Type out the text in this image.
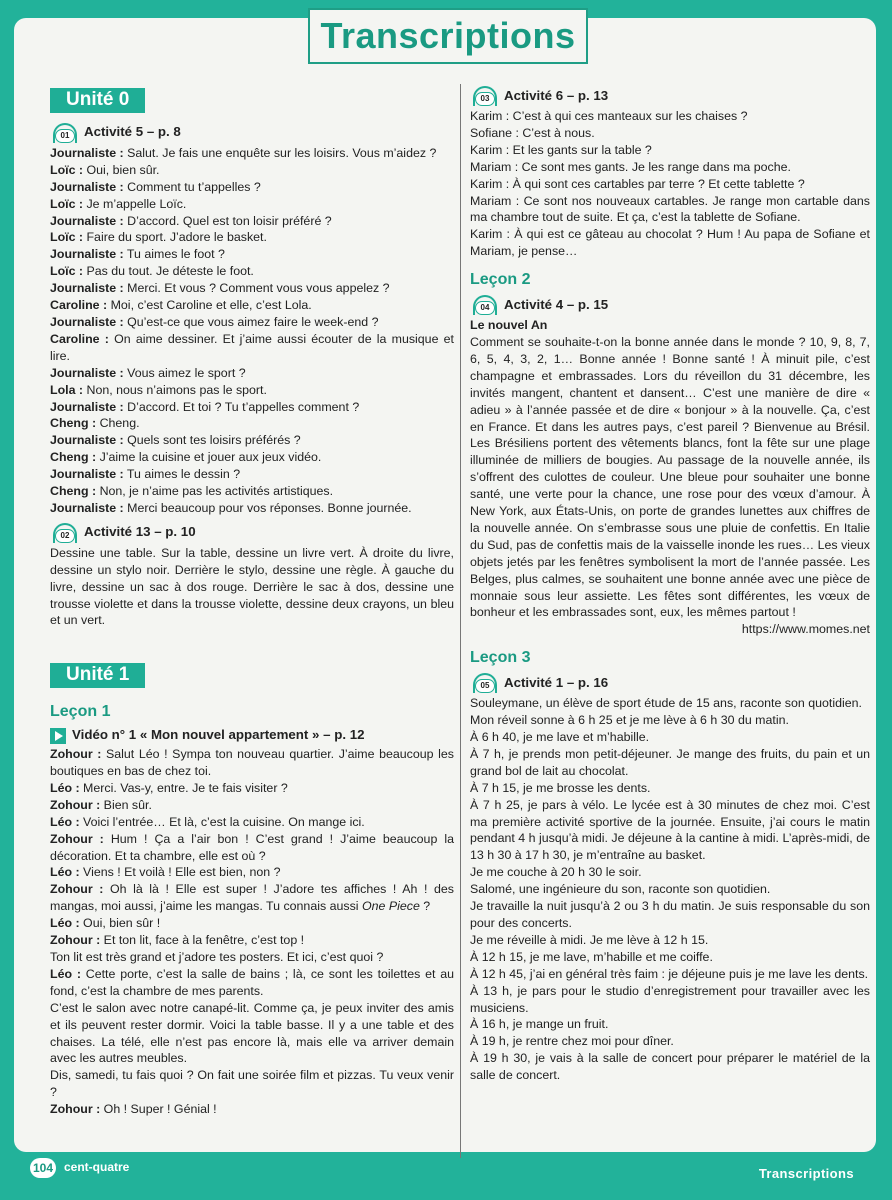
Unité 0
01	Activité 5 – p. 8

Journaliste : Salut. Je fais une enquête sur les loisirs. Vous m’aidez ?

Loïc : Oui, bien sûr.

Journaliste : Comment tu t’appelles ?

Loïc : Je m’appelle Loïc.

Journaliste : D’accord. Quel est ton loisir préféré ?

Loïc : Faire du sport. J’adore le basket.

Journaliste : Tu aimes le foot ?

Loïc : Pas du tout. Je déteste le foot.

Journaliste : Merci. Et vous ? Comment vous vous appelez ?

Caroline : Moi, c’est Caroline et elle, c’est Lola.

Journaliste : Qu’est-ce que vous aimez faire le week-end ?

Caroline : On aime dessiner. Et j’aime aussi écouter de la musique et lire.

Journaliste : Vous aimez le sport ?

Lola : Non, nous n’aimons pas le sport.

Journaliste : D’accord. Et toi ? Tu t’appelles comment ?

Cheng : Cheng.

Journaliste : Quels sont tes loisirs préférés ?

Cheng : J’aime la cuisine et jouer aux jeux vidéo.

Journaliste : Tu aimes le dessin ?

Cheng : Non, je n’aime pas les activités artistiques.

Journaliste : Merci beaucoup pour vos réponses. Bonne journée.

02	Activité 13 – p. 10

Dessine une table. Sur la table, dessine un livre vert. À droite du livre, dessine un stylo noir. Derrière le stylo, dessine une règle. À gauche du livre, dessine un sac à dos rouge. Derrière le sac à dos, dessine une trousse violette et dans la trousse violette, dessine deux crayons, un bleu et un vert.

Unité 1
Leçon 1
Vidéo n° 1 « Mon nouvel appartement » – p. 12

Zohour : Salut Léo ! Sympa ton nouveau quartier. J’aime beaucoup les boutiques en bas de chez toi.

Léo : Merci. Vas-y, entre. Je te fais visiter ?

Zohour : Bien sûr.

Léo : Voici l’entrée… Et là, c’est la cuisine. On mange ici.

Zohour : Hum ! Ça a l’air bon ! C’est grand ! J’aime beaucoup la décoration. Et ta chambre, elle est où ?

Léo : Viens ! Et voilà ! Elle est bien, non ?

Zohour : Oh là là ! Elle est super ! J’adore tes affiches ! Ah ! des mangas, moi aussi, j’aime les mangas. Tu connais aussi One Piece ?

Léo : Oui, bien sûr !

Zohour : Et ton lit, face à la fenêtre, c’est top !

Ton lit est très grand et j’adore tes posters. Et ici, c’est quoi ?

Léo : Cette porte, c’est la salle de bains ; là, ce sont les toilettes et au fond, c’est la chambre de mes parents.

C’est le salon avec notre canapé-lit. Comme ça, je peux inviter des amis et ils peuvent rester dormir. Voici la table basse. Il y a une table et des chaises. La télé, elle n’est pas encore là, mais elle va arriver demain avec les autres meubles.

Dis, samedi, tu fais quoi ? On fait une soirée film et pizzas. Tu veux venir ?

Zohour : Oh ! Super ! Génial !

03	Activité 6 – p. 13

Karim : C’est à qui ces manteaux sur les chaises ?

Sofiane : C’est à nous.

Karim : Et les gants sur la table ?

Mariam : Ce sont mes gants. Je les range dans ma poche.

Karim : À qui sont ces cartables par terre ? Et cette tablette ?

Mariam : Ce sont nos nouveaux cartables. Je range mon cartable dans ma chambre tout de suite. Et ça, c’est la tablette de Sofiane.

Karim : À qui est ce gâteau au chocolat ? Hum ! Au papa de Sofiane et Mariam, je pense…

Leçon 2
04	Activité 4 – p. 15
Le nouvel An

Comment se souhaite-t-on la bonne année dans le monde ? 10, 9, 8, 7, 6, 5, 4, 3, 2, 1… Bonne année ! Bonne santé ! À minuit pile, c’est champagne et embrassades. Lors du réveillon du 31 décembre, les invités mangent, chantent et dansent… C’est une manière de dire « adieu » à l’année passée et de dire « bonjour » à la nouvelle. Ça, c’est en France. Et dans les autres pays, c’est pareil ? Bienvenue au Brésil. Les Brésiliens portent des vêtements blancs, font la fête sur une plage illuminée de milliers de bougies. Au passage de la nouvelle année, ils s’offrent des culottes de couleur. Une bleue pour souhaiter une bonne santé, une verte pour la chance, une rose pour des vœux d’amour. À New York, aux États-Unis, on porte de grandes lunettes aux chiffres de la nouvelle année. On s’embrasse sous une pluie de confettis. En Italie du Sud, pas de confettis mais de la vaisselle inonde les rues… Les vieux objets jetés par les fenêtres symbolisent la mort de l’année passée. Les Belges, plus calmes, se souhaitent une bonne année avec une pièce de monnaie sous leur assiette. Les fêtes sont différentes, les vœux de bonheur et les embrassades sont, eux, les mêmes partout !

https://www.momes.net

Leçon 3
05	Activité 1 – p. 16

Souleymane, un élève de sport étude de 15 ans, raconte son quotidien.

Mon réveil sonne à 6 h 25 et je me lève à 6 h 30 du matin.

À 6 h 40, je me lave et m’habille.

À 7 h, je prends mon petit-déjeuner. Je mange des fruits, du pain et un grand bol de lait au chocolat.

À 7 h 15, je me brosse les dents.

À 7 h 25, je pars à vélo. Le lycée est à 30 minutes de chez moi. C’est ma première activité sportive de la journée. Ensuite, j’ai cours le matin pendant 4 h jusqu’à midi. Je déjeune à la cantine à midi. L’après-midi, de 13 h 30 à 17 h 30, je m’entraîne au basket.

Je me couche à 20 h 30 le soir.

Salomé, une ingénieure du son, raconte son quotidien.

Je travaille la nuit jusqu’à 2 ou 3 h du matin. Je suis responsable du son pour des concerts.

Je me réveille à midi. Je me lève à 12 h 15.

À 12 h 15, je me lave, m’habille et me coiffe.

À 12 h 45, j’ai en général très faim : je déjeune puis je me lave les dents.

À 13 h, je pars pour le studio d’enregistrement pour travailler avec les musiciens.

À 16 h, je mange un fruit.

À 19 h, je rentre chez moi pour dîner.

À 19 h 30, je vais à la salle de concert pour préparer le matériel de la salle de concert.

Transcriptions
104 cent-quatre	Transcriptions
